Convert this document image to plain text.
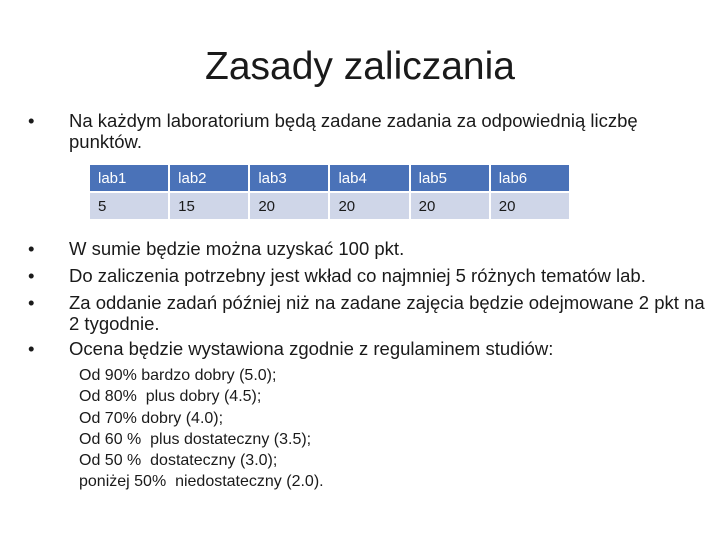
Zasady zaliczania
•	Na każdym laboratorium będą zadane zadania za odpowiednią liczbę punktów.
lab1	lab2	lab3	lab4	lab5	lab6
5	15	20	20	20	20
•	W sumie będzie można uzyskać 100 pkt.
•	Do zaliczenia potrzebny jest wkład co najmniej 5 różnych tematów lab.
•	Za oddanie zadań później niż na zadane zajęcia będzie odejmowane 2 pkt na 2 tygodnie.
•	Ocena będzie wystawiona zgodnie z regulaminem studiów:
Od 90% bardzo dobry (5.0);
Od 80%  plus dobry (4.5);
Od 70% dobry (4.0);
Od 60 %  plus dostateczny (3.5);
Od 50 %  dostateczny (3.0);
poniżej 50%  niedostateczny (2.0).
